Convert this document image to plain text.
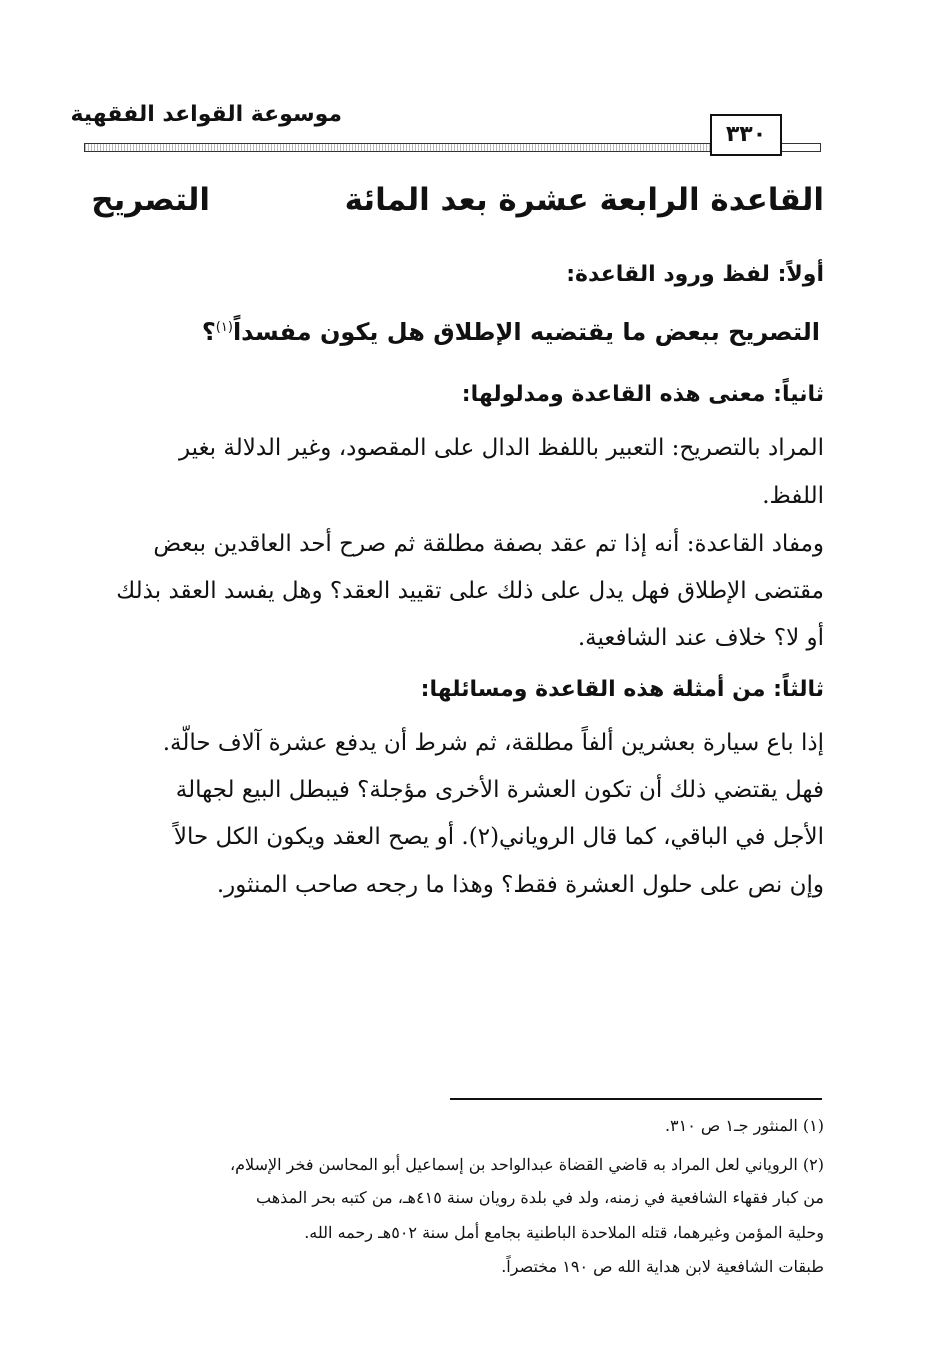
موسوعة القواعد الفقهية
٣٣٠
القاعدة الرابعة عشرة بعد المائة
التصريح
أولاً: لفظ ورود القاعدة:
التصريح ببعض ما يقتضيه الإطلاق هل يكون مفسداً$^{(١)}$؟
ثانياً: معنى هذه القاعدة ومدلولها:
المراد بالتصريح: التعبير باللفظ الدال على المقصود، وغير الدلالة بغير
اللفظ.
ومفاد القاعدة: أنه إذا تم عقد بصفة مطلقة ثم صرح أحد العاقدين ببعض
مقتضى الإطلاق فهل يدل على ذلك على تقييد العقد؟ وهل يفسد العقد بذلك
أو لا؟ خلاف عند الشافعية.
ثالثاً: من أمثلة هذه القاعدة ومسائلها:
إذا باع سيارة بعشرين ألفاً مطلقة، ثم شرط أن يدفع عشرة آلاف حالّة.
فهل يقتضي ذلك أن تكون العشرة الأخرى مؤجلة؟ فيبطل البيع لجهالة
الأجل في الباقي، كما قال الروياني(٢). أو يصح العقد ويكون الكل حالاً
وإن نص على حلول العشرة فقط؟ وهذا ما رجحه صاحب المنثور.
(١) المنثور جـ١ ص ٣١٠.
(٢) الروياني لعل المراد به قاضي القضاة عبدالواحد بن إسماعيل أبو المحاسن فخر الإسلام،
من كبار فقهاء الشافعية في زمنه، ولد في بلدة رويان سنة ٤١٥هـ، من كتبه بحر المذهب
وحلية المؤمن وغيرهما، قتله الملاحدة الباطنية بجامع أمل سنة ٥٠٢هـ رحمه الله.
طبقات الشافعية لابن هداية الله ص ١٩٠ مختصراً.
